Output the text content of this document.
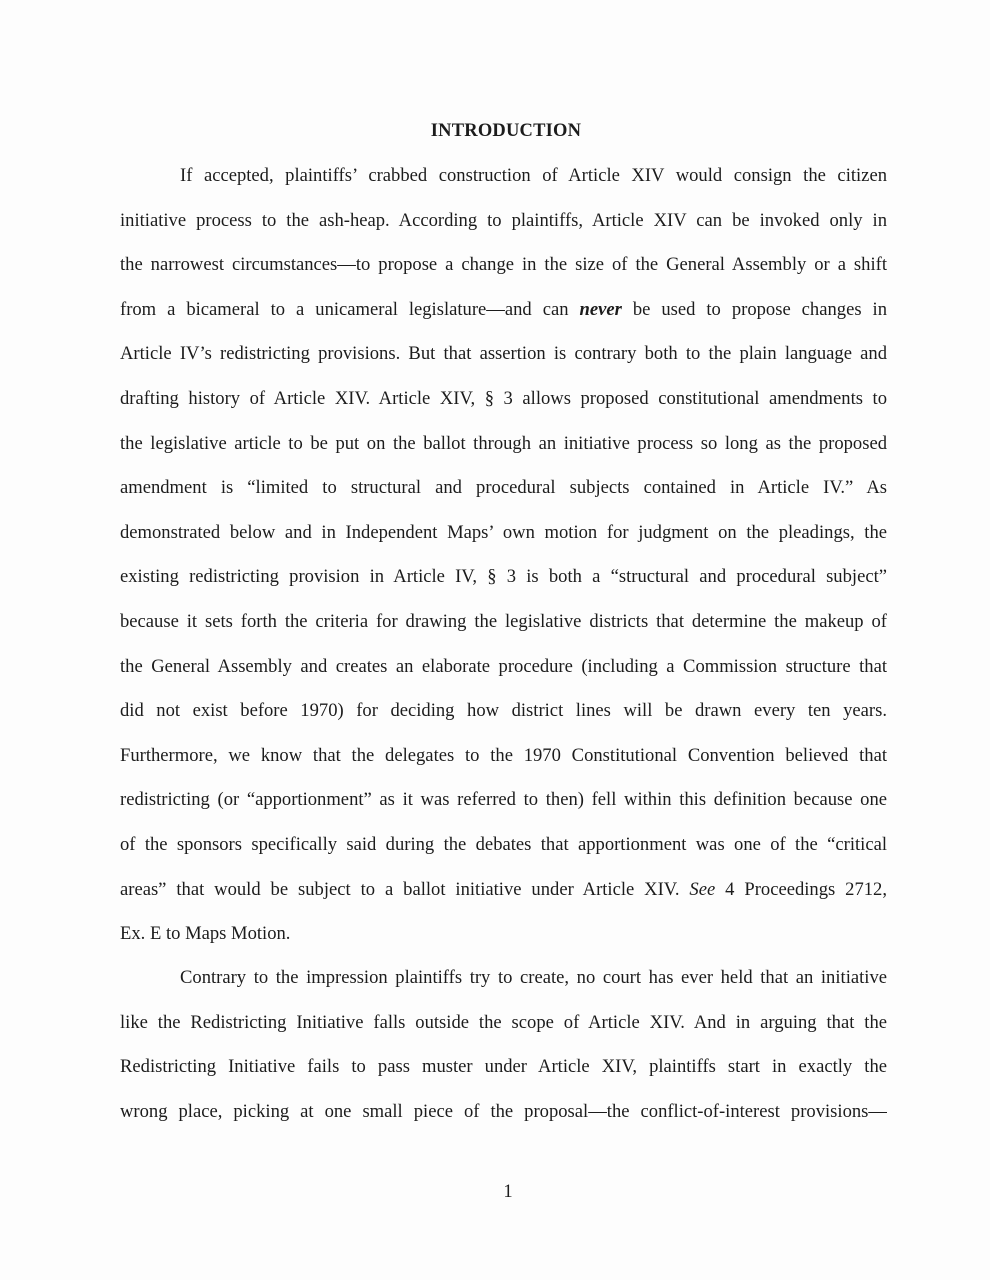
INTRODUCTION
If accepted, plaintiffs’ crabbed construction of Article XIV would consign the citizen
initiative process to the ash-heap. According to plaintiffs, Article XIV can be invoked only in
the narrowest circumstances—to propose a change in the size of the General Assembly or a shift
from a bicameral to a unicameral legislature—and can never be used to propose changes in
Article IV’s redistricting provisions. But that assertion is contrary both to the plain language and
drafting history of Article XIV. Article XIV, § 3 allows proposed constitutional amendments to
the legislative article to be put on the ballot through an initiative process so long as the proposed
amendment is “limited to structural and procedural subjects contained in Article IV.” As
demonstrated below and in Independent Maps’ own motion for judgment on the pleadings, the
existing redistricting provision in Article IV, § 3 is both a “structural and procedural subject”
because it sets forth the criteria for drawing the legislative districts that determine the makeup of
the General Assembly and creates an elaborate procedure (including a Commission structure that
did not exist before 1970) for deciding how district lines will be drawn every ten years.
Furthermore, we know that the delegates to the 1970 Constitutional Convention believed that
redistricting (or “apportionment” as it was referred to then) fell within this definition because one
of the sponsors specifically said during the debates that apportionment was one of the “critical
areas” that would be subject to a ballot initiative under Article XIV. See 4 Proceedings 2712,
Ex. E to Maps Motion.
Contrary to the impression plaintiffs try to create, no court has ever held that an initiative
like the Redistricting Initiative falls outside the scope of Article XIV. And in arguing that the
Redistricting Initiative fails to pass muster under Article XIV, plaintiffs start in exactly the
wrong place, picking at one small piece of the proposal—the conflict-of-interest provisions—

1
